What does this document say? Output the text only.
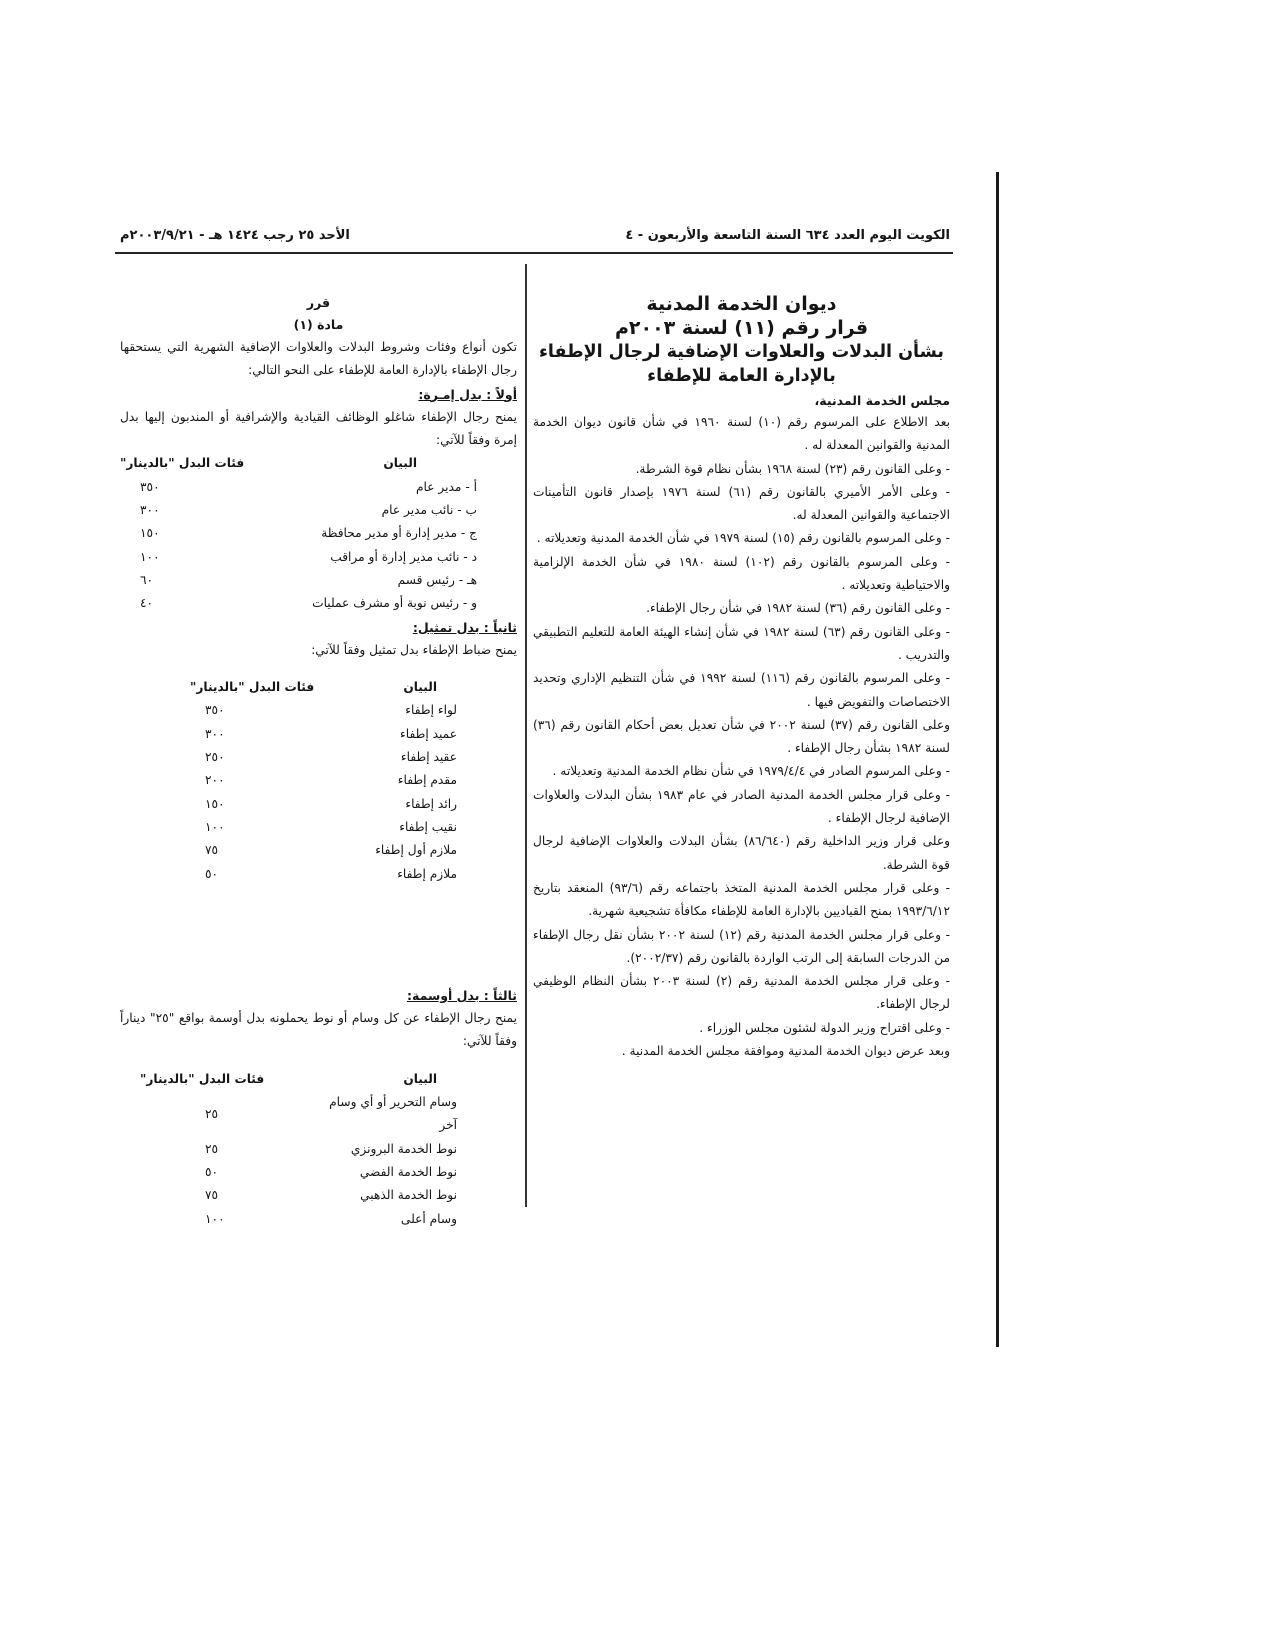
الكويت اليوم العدد ٦٣٤ السنة التاسعة والأربعون - ٤
الأحد ٢٥ رجب ١٤٢٤ هـ - ٢٠٠٣/٩/٢١م

ديوان الخدمة المدنية

قرار رقم (١١) لسنة ٢٠٠٣م

بشأن البدلات والعلاوات الإضافية لرجال الإطفاء

بالإدارة العامة للإطفاء

مجلس الخدمة المدنية،

بعد الاطلاع على المرسوم رقم (١٠) لسنة ١٩٦٠ في شأن قانون ديوان الخدمة المدنية والقوانين المعدلة له .

- وعلى القانون رقم (٢٣) لسنة ١٩٦٨ بشأن نظام قوة الشرطة.

- وعلى الأمر الأميري بالقانون رقم (٦١) لسنة ١٩٧٦ بإصدار قانون التأمينات الاجتماعية والقوانين المعدلة له.

- وعلى المرسوم بالقانون رقم (١٥) لسنة ١٩٧٩ في شأن الخدمة المدنية وتعديلاته .

- وعلى المرسوم بالقانون رقم (١٠٢) لسنة ١٩٨٠ في شأن الخدمة الإلزامية والاحتياطية وتعديلاته .

- وعلى القانون رقم (٣٦) لسنة ١٩٨٢ في شأن رجال الإطفاء.

- وعلى القانون رقم (٦٣) لسنة ١٩٨٢ في شأن إنشاء الهيئة العامة للتعليم التطبيقي والتدريب .

- وعلى المرسوم بالقانون رقم (١١٦) لسنة ١٩٩٢ في شأن التنظيم الإداري وتحديد الاختصاصات والتفويض فيها .

وعلى القانون رقم (٣٧) لسنة ٢٠٠٢ في شأن تعديل بعض أحكام القانون رقم (٣٦) لسنة ١٩٨٢ بشأن رجال الإطفاء .

- وعلى المرسوم الصادر في ١٩٧٩/٤/٤ في شأن نظام الخدمة المدنية وتعديلاته .

- وعلى قرار مجلس الخدمة المدنية الصادر في عام ١٩٨٣ بشأن البدلات والعلاوات الإضافية لرجال الإطفاء .

وعلى قرار وزير الداخلية رقم (٨٦/٦٤٠) بشأن البدلات والعلاوات الإضافية لرجال قوة الشرطة.

- وعلى قرار مجلس الخدمة المدنية المتخذ باجتماعه رقم (٩٣/٦) المنعقد بتاريخ ١٩٩٣/٦/١٢ بمنح القياديين بالإدارة العامة للإطفاء مكافأة تشجيعية شهرية.

- وعلى قرار مجلس الخدمة المدنية رقم (١٢) لسنة ٢٠٠٢ بشأن نقل رجال الإطفاء من الدرجات السابقة إلى الرتب الواردة بالقانون رقم (٢٠٠٢/٣٧).

- وعلى قرار مجلس الخدمة المدنية رقم (٢) لسنة ٢٠٠٣ بشأن النظام الوظيفي لرجال الإطفاء.

- وعلى اقتراح وزير الدولة لشئون مجلس الوزراء .

وبعد عرض ديوان الخدمة المدنية وموافقة مجلس الخدمة المدنية .

قرر

مادة (١)

تكون أنواع وفئات وشروط البدلات والعلاوات الإضافية الشهرية التي يستحقها رجال الإطفاء بالإدارة العامة للإطفاء على النحو التالي:

أولاً : بدل إمـرة:

يمنح رجال الإطفاء شاغلو الوظائف القيادية والإشرافية أو المندبون إليها بدل إمرة وفقاً للآتي:

البيان	فئات البدل "بالدينار"
أ - مدير عام	٣٥٠
ب - نائب مدير عام	٣٠٠
ج - مدير إدارة أو مدير محافظة	١٥٠
د - نائب مدير إدارة أو مراقب	١٠٠
هـ - رئيس قسم	٦٠
و - رئيس نوبة أو مشرف عمليات	٤٠

ثانياً : بدل تمثيل:

يمنح ضباط الإطفاء بدل تمثيل وفقاً للآتي:

البيان	فئات البدل "بالدينار"
لواء إطفاء	٣٥٠
عميد إطفاء	٣٠٠
عقيد إطفاء	٢٥٠
مقدم إطفاء	٢٠٠
رائد إطفاء	١٥٠
نقيب إطفاء	١٠٠
ملازم أول إطفاء	٧٥
ملازم إطفاء	٥٠

ثالثاً : بدل أوسمة:

يمنح رجال الإطفاء عن كل وسام أو نوط يحملونه بدل أوسمة بواقع "٢٥" ديناراً وفقاً للآتي:

البيان	فئات البدل "بالدينار"
وسام التحرير أو أي وسام آخر	٢٥
نوط الخدمة البرونزي	٢٥
نوط الخدمة الفضي	٥٠
نوط الخدمة الذهبي	٧٥
وسام أعلى	١٠٠
